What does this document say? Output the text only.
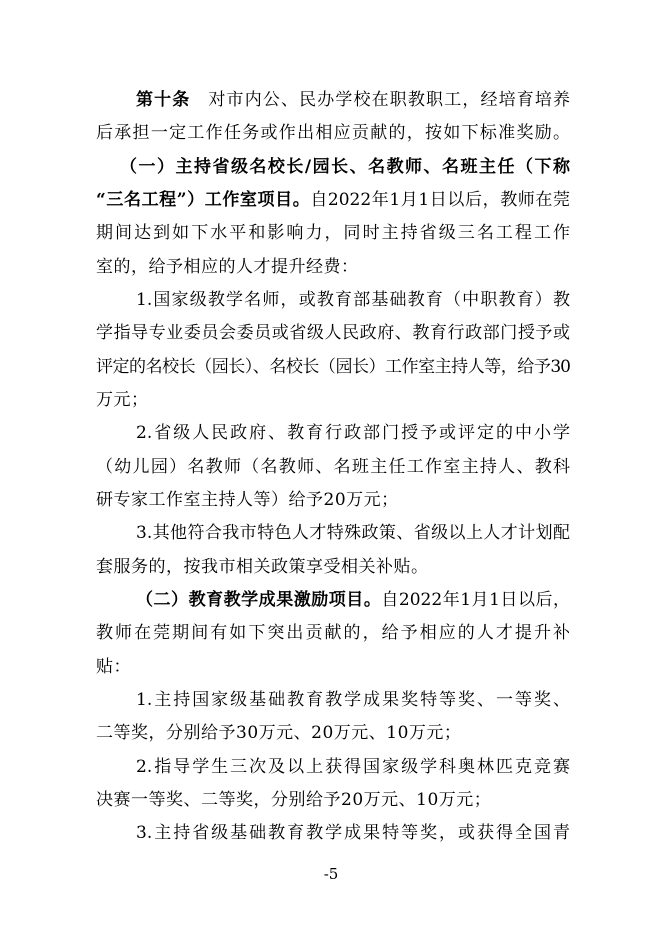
第十条 对市内公、民办学校在职教职工，经培育培养
后承担一定工作任务或作出相应贡献的，按如下标准奖励。
（一）主持省级名校长/园长、名教师、名班主任（下称
“三名工程”）工作室项目。自2022年1月1日以后，教师在莞
期间达到如下水平和影响力，同时主持省级三名工程工作
室的，给予相应的人才提升经费：
1.国家级教学名师，或教育部基础教育（中职教育）教
学指导专业委员会委员或省级人民政府、教育行政部门授予或
评定的名校长（园长）、名校长（园长）工作室主持人等，给予30
万元；
2.省级人民政府、教育行政部门授予或评定的中小学
（幼儿园）名教师（名教师、名班主任工作室主持人、教科
研专家工作室主持人等）给予20万元；
3.其他符合我市特色人才特殊政策、省级以上人才计划配
套服务的，按我市相关政策享受相关补贴。
（二）教育教学成果激励项目。自2022年1月1日以后，
教师在莞期间有如下突出贡献的，给予相应的人才提升补
贴：
1.主持国家级基础教育教学成果奖特等奖、一等奖、
二等奖，分别给予30万元、20万元、10万元；
2.指导学生三次及以上获得国家级学科奥林匹克竞赛
决赛一等奖、二等奖，分别给予20万元、10万元；
3.主持省级基础教育教学成果特等奖，或获得全国青
-5
